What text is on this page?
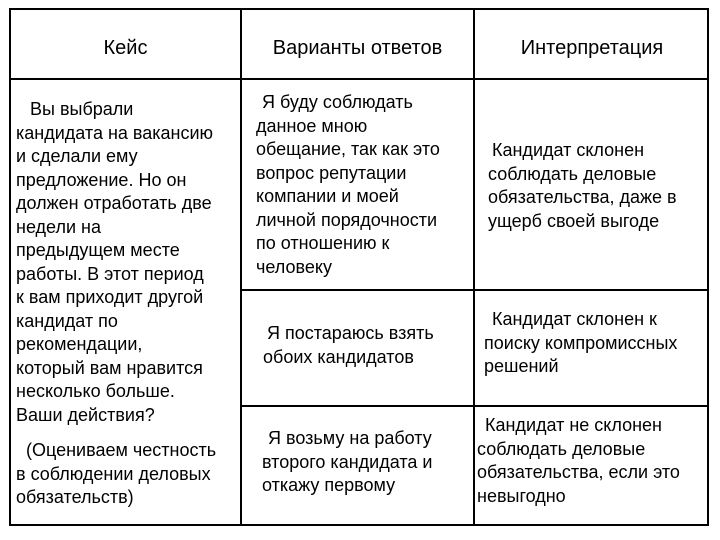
Кейс	Варианты ответов	Интерпретация
Вы выбрали
кандидата на вакансию
и сделали ему
предложение. Но он
должен отработать две
недели на
предыдущем месте
работы. В этот период
к вам приходит другой
кандидат по
рекомендации,
который вам нравится
несколько больше.
Ваши действия?
(Оцениваем честность
в соблюдении деловых
обязательств)
Я буду соблюдать
данное мною
обещание, так как это
вопрос репутации
компании и моей
личной порядочности
по отношению к
человеку
Кандидат склонен
соблюдать деловые
обязательства, даже в
ущерб своей выгоде
Я постараюсь взять
обоих кандидатов
Кандидат склонен к
поиску компромиссных
решений
Я возьму на работу
второго кандидата и
откажу первому
Кандидат не склонен
соблюдать деловые
обязательства, если это
невыгодно
